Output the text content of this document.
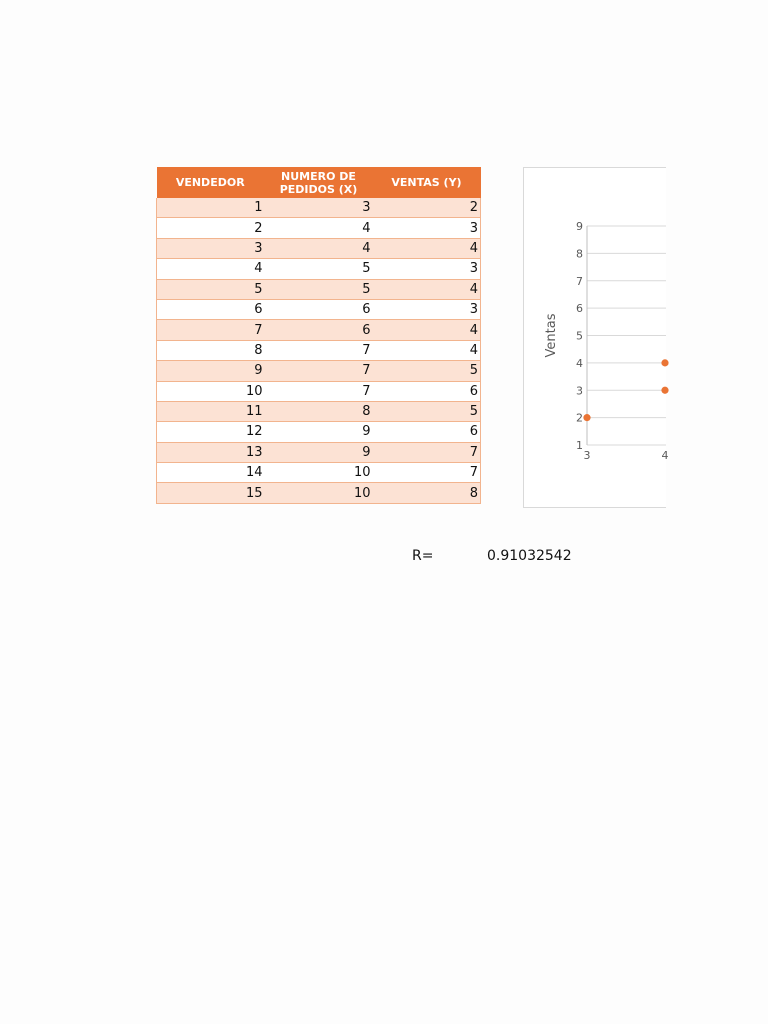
VENDEDOR	NUMERO DE PEDIDOS (X)	VENTAS (Y)
1	3	2
2	4	3
3	4	4
4	5	3
5	5	4
6	6	3
7	6	4
8	7	4
9	7	5
10	7	6
11	8	5
12	9	6
13	9	7
14	10	7
15	10	8
1
2
3
4
5
6
7
8
9
3	4
Ventas
R=	0.91032542
